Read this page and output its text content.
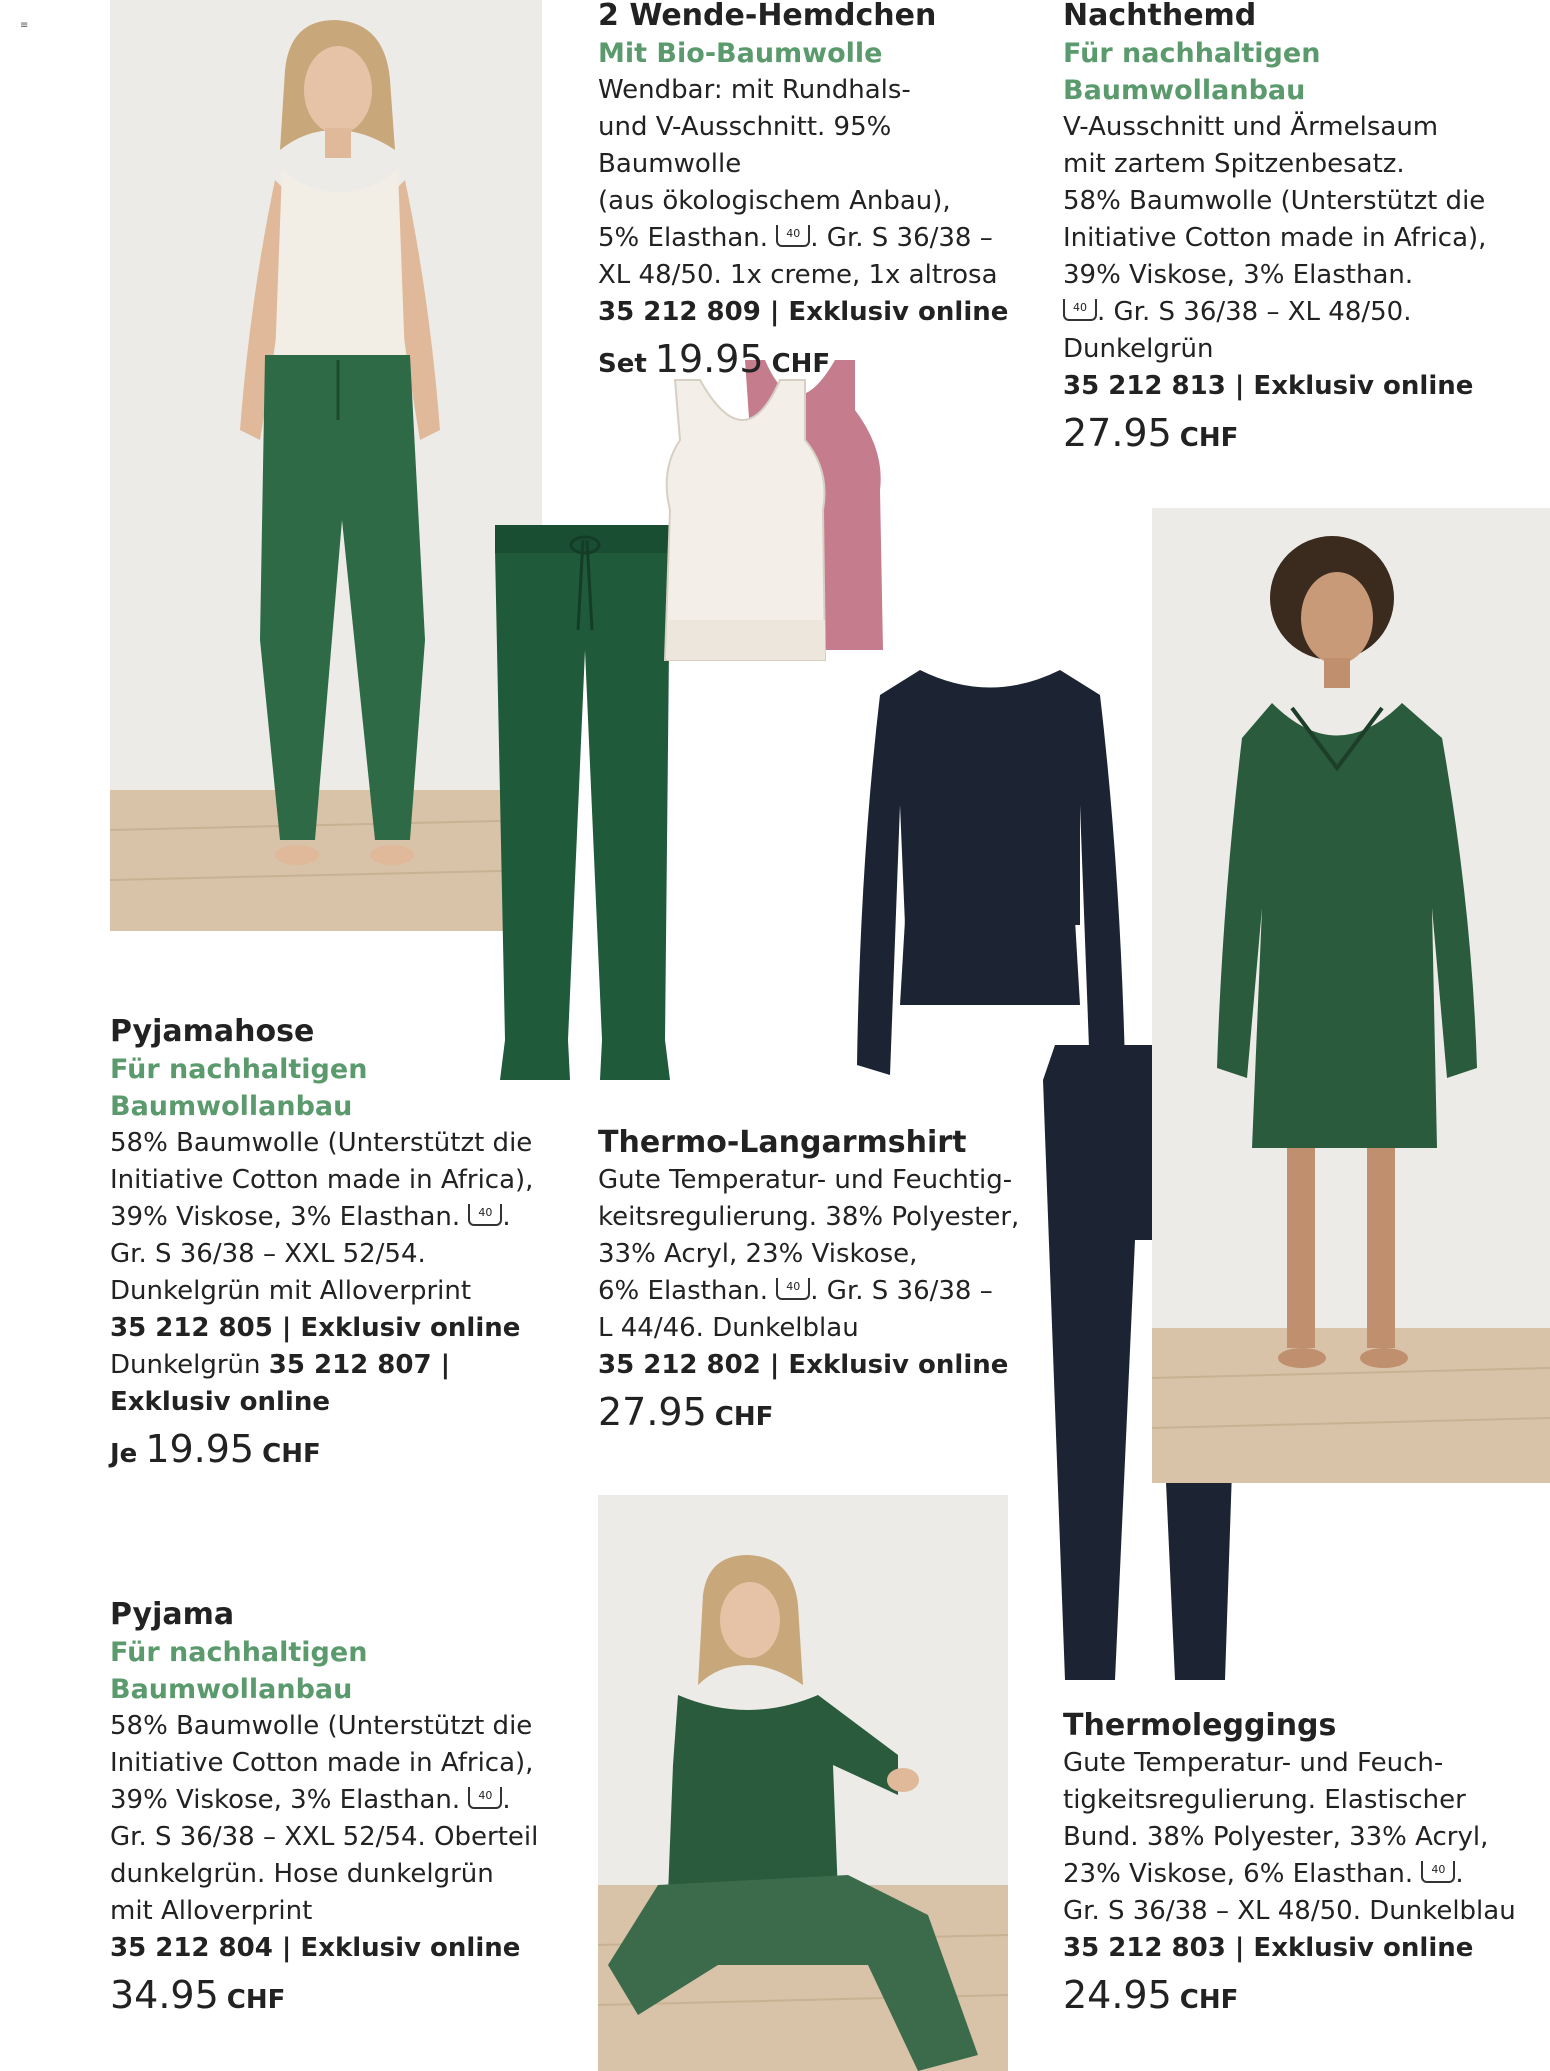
≡	2 Wende-Hemdchen
Mit Bio-Baumwolle
Wendbar: mit Rundhals-
und V-Ausschnitt. 95% Baumwolle
(aus ökologischem Anbau),
5% Elasthan. 40 . Gr. S 36/38 –
XL 48/50. 1x creme, 1x altrosa
35 212 809 | Exklusiv online
Set 19.95 CHF
Nachthemd
Für nachhaltigen
Baumwollanbau
V-Ausschnitt und Ärmelsaum
mit zartem Spitzenbesatz.
58% Baumwolle (Unterstützt die
Initiative Cotton made in Africa),
39% Viskose, 3% Elasthan.
40 . Gr. S 36/38 – XL 48/50.
Dunkelgrün
35 212 813 | Exklusiv online
27.95 CHF
Pyjamahose
Für nachhaltigen
Baumwollanbau
58% Baumwolle (Unterstützt die
Initiative Cotton made in Africa),
39% Viskose, 3% Elasthan. 40 .
Gr. S 36/38 – XXL 52/54.
Dunkelgrün mit Alloverprint
35 212 805 | Exklusiv online
Dunkelgrün 35 212 807 |
Exklusiv online
Je 19.95 CHF
Thermo-Langarmshirt
Gute Temperatur- und Feuchtig-
keitsregulierung. 38% Polyester,
33% Acryl, 23% Viskose,
6% Elasthan. 40 . Gr. S 36/38 –
L 44/46. Dunkelblau
35 212 802 | Exklusiv online
27.95 CHF
Pyjama
Für nachhaltigen
Baumwollanbau
58% Baumwolle (Unterstützt die
Initiative Cotton made in Africa),
39% Viskose, 3% Elasthan. 40 .
Gr. S 36/38 – XXL 52/54. Oberteil
dunkelgrün. Hose dunkelgrün
mit Alloverprint
35 212 804 | Exklusiv online
34.95 CHF
Thermoleggings
Gute Temperatur- und Feuch-
tigkeitsregulierung. Elastischer
Bund. 38% Polyester, 33% Acryl,
23% Viskose, 6% Elasthan. 40 .
Gr. S 36/38 – XL 48/50. Dunkelblau
35 212 803 | Exklusiv online
24.95 CHF
